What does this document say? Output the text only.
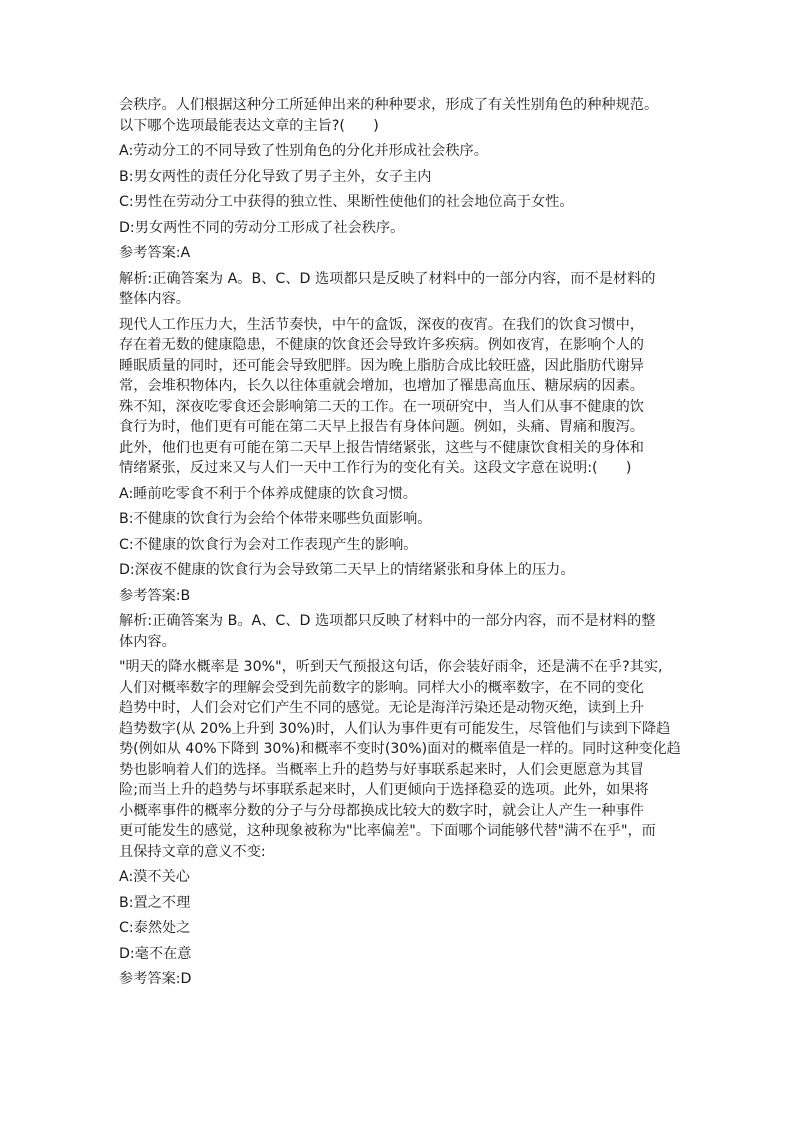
会秩序。人们根据这种分工所延伸出来的种种要求，形成了有关性别角色的种种规范。
以下哪个选项最能表达文章的主旨?(　　)
A:劳动分工的不同导致了性别角色的分化并形成社会秩序。
B:男女两性的责任分化导致了男子主外，女子主内
C:男性在劳动分工中获得的独立性、果断性使他们的社会地位高于女性。
D:男女两性不同的劳动分工形成了社会秩序。
参考答案:A
解析:正确答案为 A。B、C、D 选项都只是反映了材料中的一部分内容，而不是材料的
整体内容。
现代人工作压力大，生活节奏快，中午的盒饭，深夜的夜宵。在我们的饮食习惯中，
存在着无数的健康隐患，不健康的饮食还会导致许多疾病。例如夜宵，在影响个人的
睡眠质量的同时，还可能会导致肥胖。因为晚上脂肪合成比较旺盛，因此脂肪代谢异
常，会堆积物体内，长久以往体重就会增加，也增加了罹患高血压、糖尿病的因素。
殊不知，深夜吃零食还会影响第二天的工作。在一项研究中，当人们从事不健康的饮
食行为时，他们更有可能在第二天早上报告有身体问题。例如，头痛、胃痛和腹泻。
此外，他们也更有可能在第二天早上报告情绪紧张，这些与不健康饮食相关的身体和
情绪紧张，反过来又与人们一天中工作行为的变化有关。这段文字意在说明:(　　)
A:睡前吃零食不利于个体养成健康的饮食习惯。
B:不健康的饮食行为会给个体带来哪些负面影响。
C:不健康的饮食行为会对工作表现产生的影响。
D:深夜不健康的饮食行为会导致第二天早上的情绪紧张和身体上的压力。
参考答案:B
解析:正确答案为 B。A、C、D 选项都只反映了材料中的一部分内容，而不是材料的整
体内容。
"明天的降水概率是 30%"，听到天气预报这句话，你会装好雨伞，还是满不在乎?其实,
人们对概率数字的理解会受到先前数字的影响。同样大小的概率数字，在不同的变化
趋势中时，人们会对它们产生不同的感觉。无论是海洋污染还是动物灭绝，读到上升
趋势数字(从 20%上升到 30%)时，人们认为事件更有可能发生，尽管他们与读到下降趋
势(例如从 40%下降到 30%)和概率不变时(30%)面对的概率值是一样的。同时这种变化趋
势也影响着人们的选择。当概率上升的趋势与好事联系起来时，人们会更愿意为其冒
险;而当上升的趋势与坏事联系起来时，人们更倾向于选择稳妥的选项。此外，如果将
小概率事件的概率分数的分子与分母都换成比较大的数字时，就会让人产生一种事件
更可能发生的感觉，这种现象被称为"比率偏差"。下面哪个词能够代替"满不在乎"，而
且保持文章的意义不变:
A:漠不关心
B:置之不理
C:泰然处之
D:毫不在意
参考答案:D
